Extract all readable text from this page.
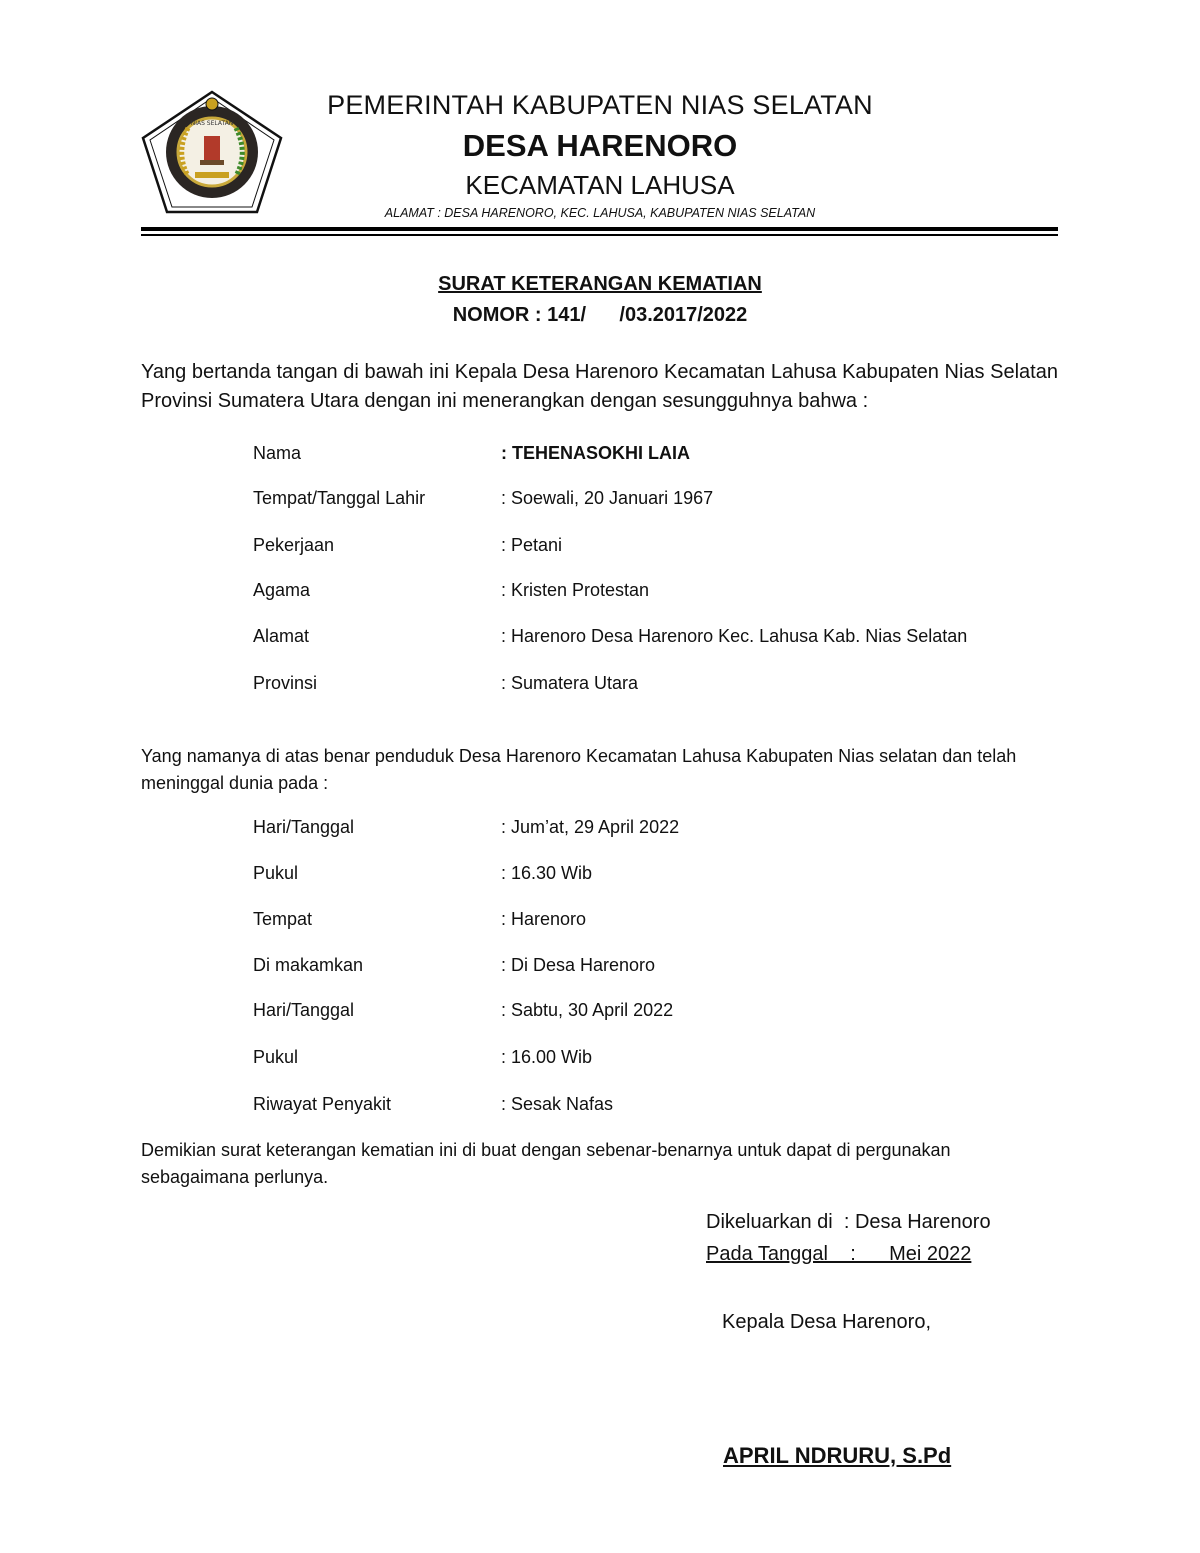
NIAS SELATAN
PEMERINTAH KABUPATEN NIAS SELATAN
DESA HARENORO
KECAMATAN LAHUSA
ALAMAT : DESA HARENORO, KEC. LAHUSA, KABUPATEN NIAS SELATAN
SURAT KETERANGAN KEMATIAN
NOMOR : 141/      /03.2017/2022
Yang bertanda tangan di bawah ini Kepala Desa Harenoro Kecamatan Lahusa Kabupaten Nias Selatan Provinsi Sumatera Utara dengan ini menerangkan dengan sesungguhnya bahwa :
Nama	: TEHENASOKHI LAIA
Tempat/Tanggal Lahir	: Soewali, 20 Januari 1967
Pekerjaan	: Petani
Agama	: Kristen Protestan
Alamat	: Harenoro Desa Harenoro Kec. Lahusa Kab. Nias Selatan
Provinsi	: Sumatera Utara
Yang namanya di atas benar penduduk Desa Harenoro Kecamatan Lahusa Kabupaten Nias selatan dan telah meninggal dunia pada :
Hari/Tanggal	: Jum’at, 29 April 2022
Pukul	: 16.30 Wib
Tempat	: Harenoro
Di makamkan	: Di Desa Harenoro
Hari/Tanggal	: Sabtu, 30 April 2022
Pukul	: 16.00 Wib
Riwayat Penyakit	: Sesak Nafas
Demikian surat keterangan kematian ini di buat dengan sebenar-benarnya untuk dapat di pergunakan sebagaimana perlunya.
Dikeluarkan di  : Desa Harenoro
Pada Tanggal    :      Mei 2022
Kepala Desa Harenoro,
APRIL NDRURU, S.Pd
